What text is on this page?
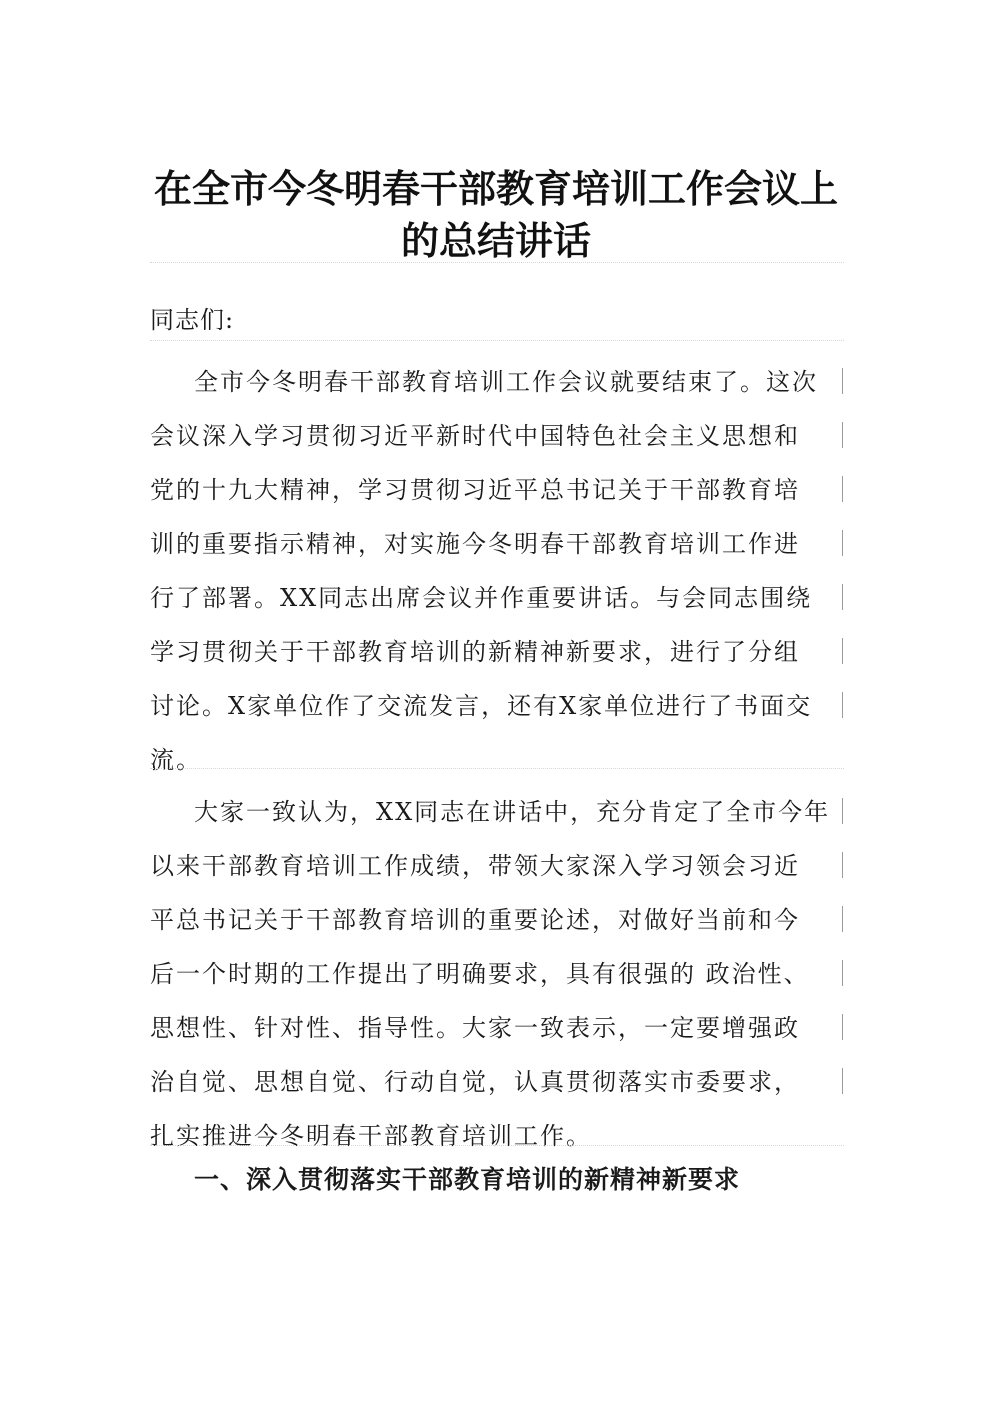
在全市今冬明春干部教育培训工作会议上
的总结讲话

同志们:

全市今冬明春干部教育培训工作会议就要结束了。这次
会议深入学习贯彻习近平新时代中国特色社会主义思想和
党的十九大精神，学习贯彻习近平总书记关于干部教育培
训的重要指示精神，对实施今冬明春干部教育培训工作进
行了部署。XX同志出席会议并作重要讲话。与会同志围绕
学习贯彻关于干部教育培训的新精神新要求，进行了分组
讨论。X家单位作了交流发言，还有X家单位进行了书面交
流。
大家一致认为，XX同志在讲话中，充分肯定了全市今年
以来干部教育培训工作成绩，带领大家深入学习领会习近
平总书记关于干部教育培训的重要论述，对做好当前和今
后一个时期的工作提出了明确要求，具有很强的 政治性、
思想性、针对性、指导性。大家一致表示，一定要增强政
治自觉、思想自觉、行动自觉，认真贯彻落实市委要求，
扎实推进今冬明春干部教育培训工作。
一、深入贯彻落实干部教育培训的新精神新要求
